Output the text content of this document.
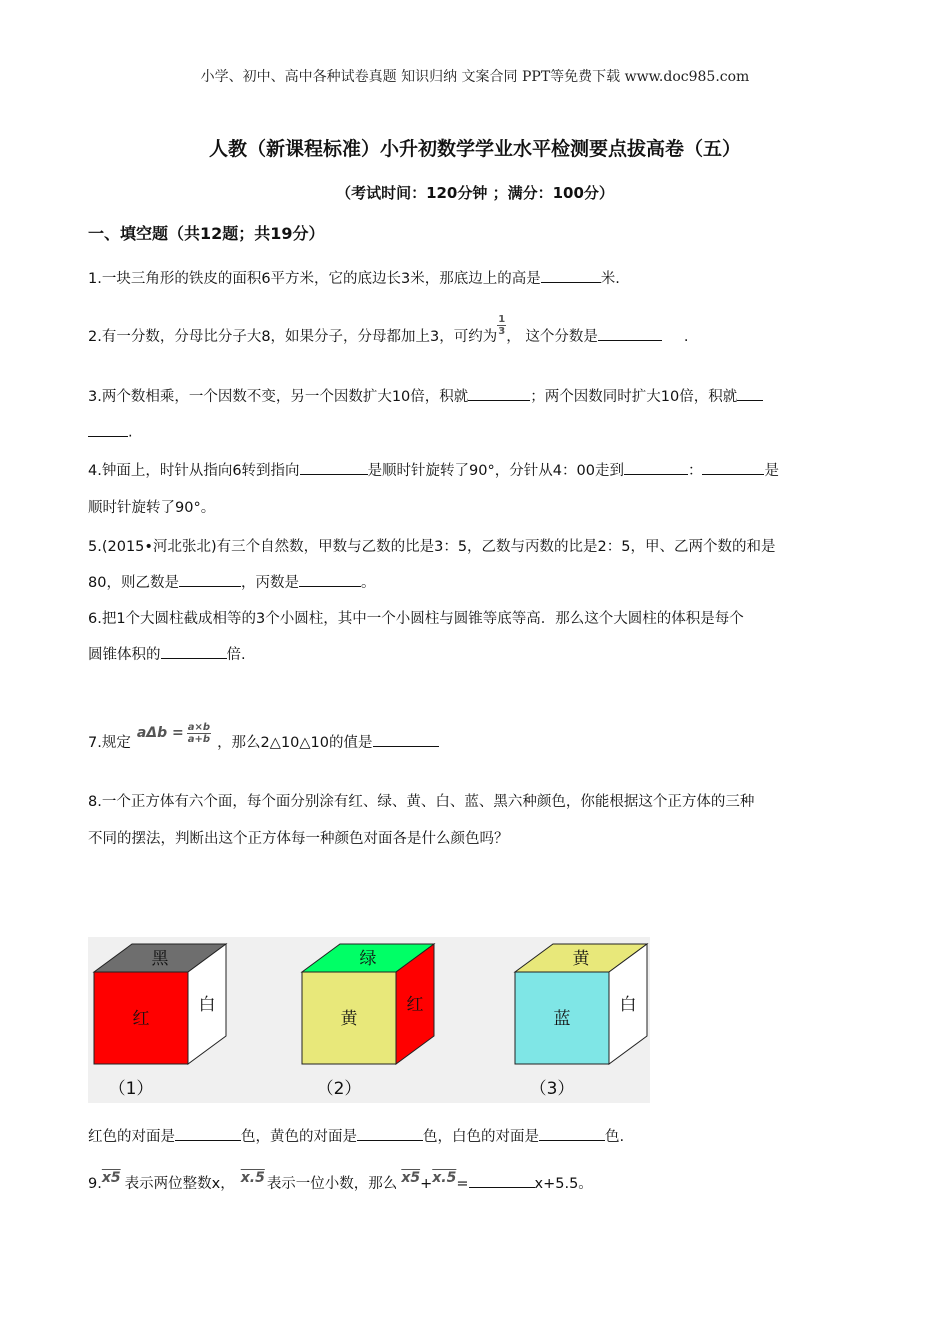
小学、初中、高中各种试卷真题 知识归纳 文案合同 PPT等免费下载 www.doc985.com
人教（新课程标准）小升初数学学业水平检测要点拔高卷（五）
（考试时间：120分钟 ；满分：100分）
一、填空题（共12题；共19分）
1.一块三角形的铁皮的面积6平方米，它的底边长3米，那底边上的高是	米.
2.有一分数，分母比分子大8，如果分子，分母都加上3，可约为
$\frac{1}{3}$
， 这个分数是	.
3.两个数相乘，一个因数不变，另一个因数扩大10倍，积就	；两个因数同时扩大10倍，积就
.
4.钟面上，时针从指向6转到指向	是顺时针旋转了90°，分针从4：00走到	：	是
顺时针旋转了90°。
5.(2015•河北张北)有三个自然数，甲数与乙数的比是3：5，乙数与丙数的比是2：5，甲、乙两个数的和是
80，则乙数是	，丙数是	。
6.把1个大圆柱截成相等的3个小圆柱，其中一个小圆柱与圆锥等底等高．那么这个大圆柱的体积是每个
圆锥体积的	倍.
7.规定$a\Delta b = \frac{a\times b}{a+b}$ ，那么2△10△10的值是
8.一个正方体有六个面，每个面分别涂有红、绿、黄、白、蓝、黑六种颜色，你能根据这个正方体的三种
不同的摆法，判断出这个正方体每一种颜色对面各是什么颜色吗？
黑
红
白
（1）
绿
黄
红
（2）
黄
蓝
白
（3）
红色的对面是	色，黄色的对面是	色，白色的对面是	色.
9.x5 表示两位整数x， x.5 表示一位小数，那么 x5+x.5=	x+5.5。
